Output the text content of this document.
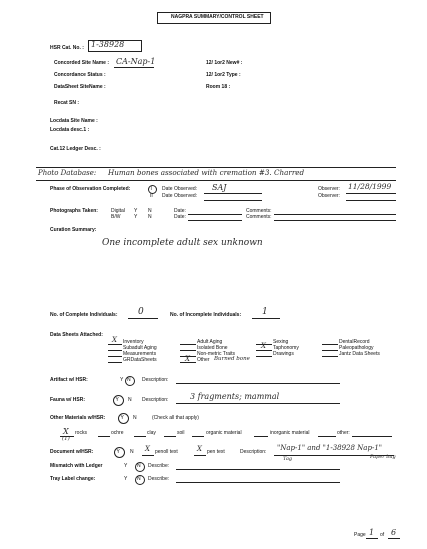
NAGPRA SUMMARY/CONTROL SHEET
HSR Cat. No. : 1-38928
Concorded Site Name : CA-Nap-1
Concordance Status :
DataSheet SiteName :
12/ 1or2 New# :
12/ 1or2 Type :
Room 18 :
Recat SN :
Locdata Site Name :
Locdata desc.1 :
Cat.12 Ledger Desc. :
Photo Database: Human bones associated with cremation #3. Charred
Phase of Observation Completed:	I
II
Date Observed: SAJ
Date Observed:
Observer: 11/28/1999
Observer:
Photographs Taken:	Digital Y N
B/W	Y N
Date:
Date:
Comments:
Comments:
Curation Summary:
One incomplete adult sex unknown
No. of Complete Individuals: 0	No. of Incomplete Individuals: 1
Data Sheets Attached:
X Inventory
Subadult Aging
Measurements
GRDataSheets
Adult Aging
Isolated Bone
Non-metric Traits
X Other Burned bone
Sexing
X Taphonomy
Drawings
DentalRecord
Paleopathology
Jantz Data Sheets
Artifact w/ HSR:	Y N Description:
Fauna w/ HSR:	Y N Description:	3 fragments; mammal
Other Materials w/HSR:	Y N	(Check all that apply)
X rocks
(1)
ochre	clay	soil	organic material	inorganic material	other:
Document w/HSR:	Y N X penoll text	X pen text	Description: "Nap-1" and "1-38928 Nap-1"
Paper bag
Tag
Mismatch with Ledger	Y N Describe:
Tray Label change:	Y N Describe:
Page 1 of 6
